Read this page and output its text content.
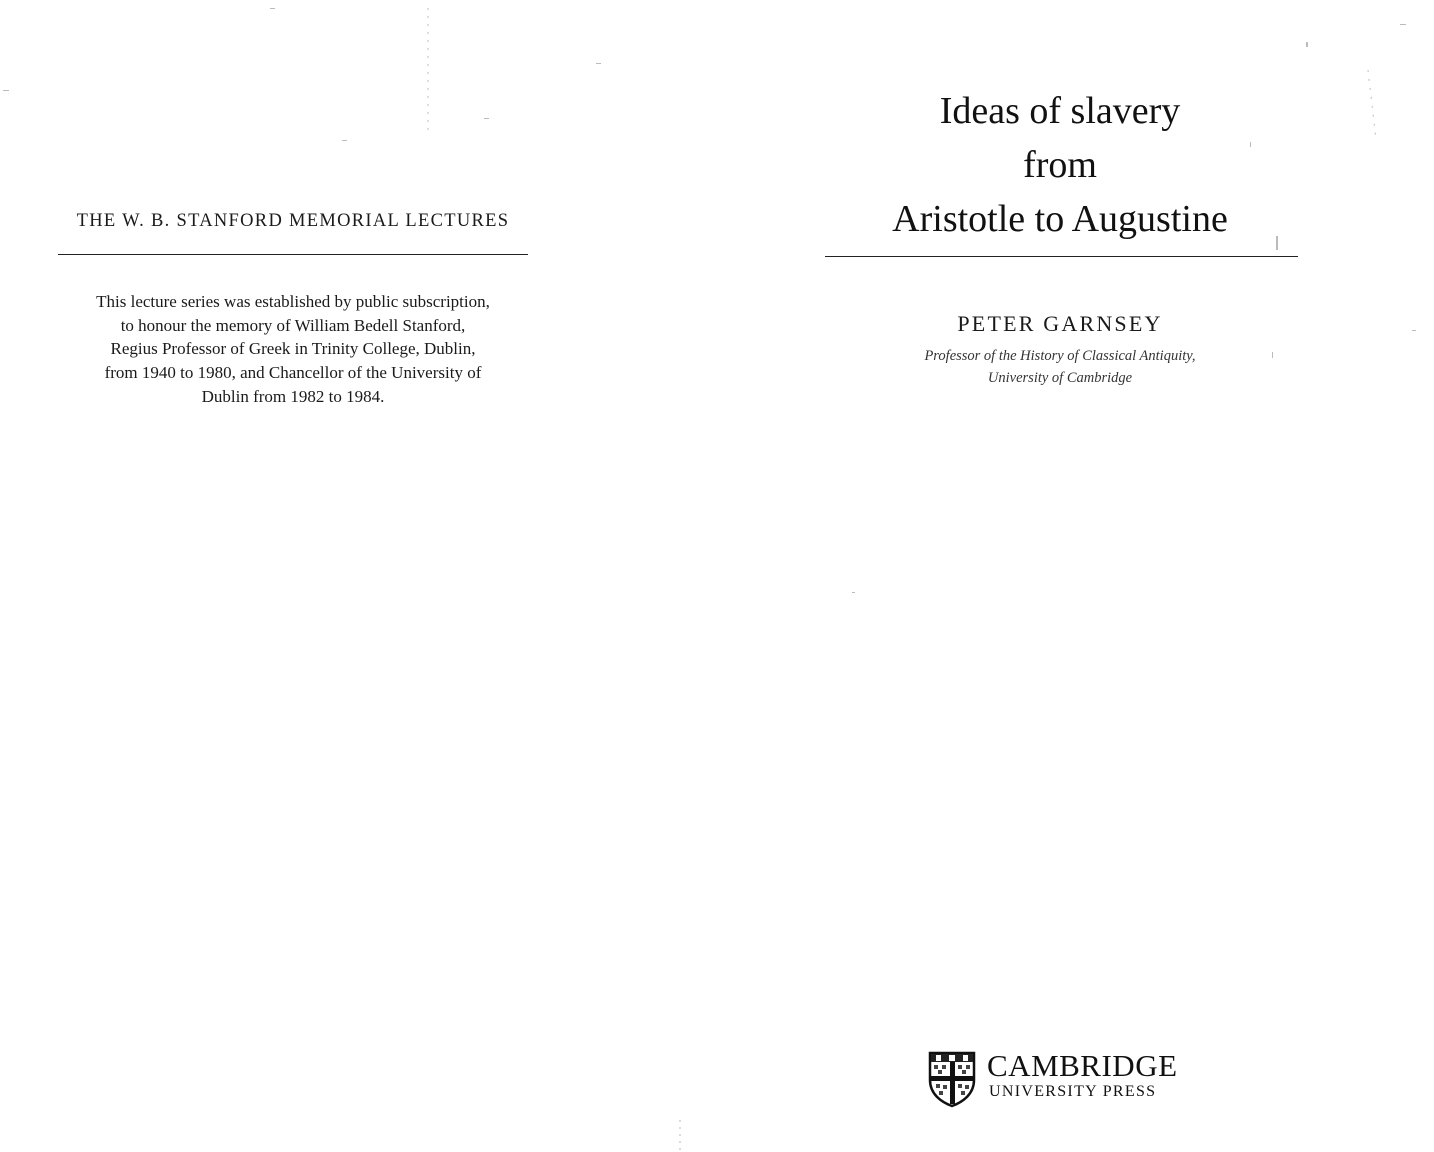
THE W. B. STANFORD MEMORIAL LECTURES
This lecture series was established by public subscription,
to honour the memory of William Bedell Stanford,
Regius Professor of Greek in Trinity College, Dublin,
from 1940 to 1980, and Chancellor of the University of
Dublin from 1982 to 1984.
Ideas of slavery
from
Aristotle to Augustine
PETER GARNSEY
Professor of the History of Classical Antiquity,
University of Cambridge
CAMBRIDGE
UNIVERSITY PRESS
